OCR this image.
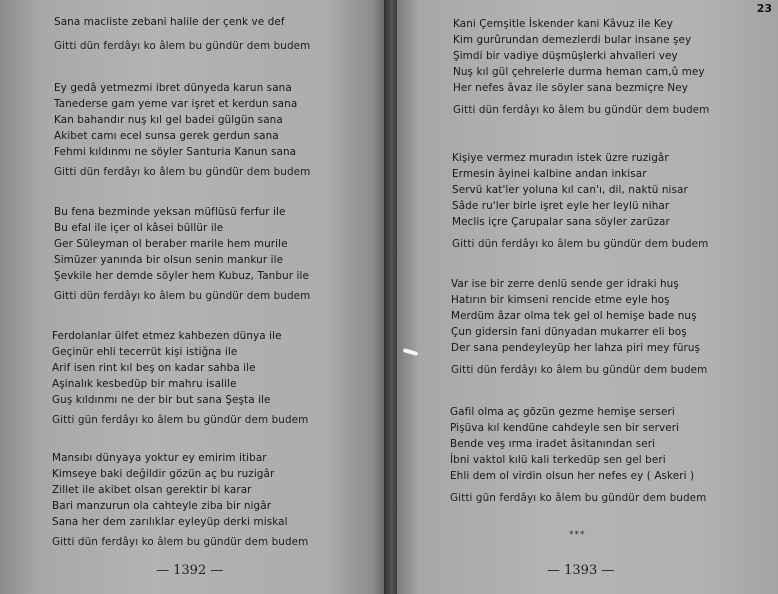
Sana macliste zebani halile der çenk ve def
Gitti dün ferdâyı ko âlem bu gündür dem budem
Ey gedâ yetmezmi ibret dünyeda karun sana
Tanederse gam yeme var işret et kerdun sana
Kan bahandır nuş kıl gel badei gülgün sana
Akibet camı ecel sunsa gerek gerdun sana
Fehmi kıldınmı ne söyler Santuria Kanun sana
Gitti dün ferdâyı ko âlem bu gündür dem budem
Bu fena bezminde yeksan müflüsü ferfur ile
Bu efal ile içer ol kâsei büllür ile
Ger Süleyman ol beraber marile hem murile
Simüzer yanında bir olsun senin mankur ile
Şevkile her demde söyler hem Kubuz, Tanbur ile
Gitti dün ferdâyı ko âlem bu gündür dem budem
Ferdolanlar ülfet etmez kahbezen dünya ile
Geçinür ehli tecerrüt kişi istiğna ile
Arif isen rint kıl beş on kadar sahba ile
Aşinalık kesbedüp bir mahru isalile
Guş kıldınmı ne der bir but sana Şeşta ile
Gitti gün ferdâyı ko âlem bu gündür dem budem
Mansıbı dünyaya yoktur ey emirim itibar
Kimseye baki değildir gözün aç bu ruzigâr
Zillet ile akibet olsan gerektir bi karar
Bari manzurun ola cahteyle ziba bir nigâr
Sana her dem zarılıklar eyleyüp derki miskal
Gitti dün ferdâyı ko âlem bu gündür dem budem
— 1392 —
23
Kani Çemşitle İskender kani Kâvuz ile Key
Kim gurûrundan demezlerdi bular insane şey
Şimdi bir vadiye düşmüşlerki ahvalleri vey
Nuş kıl gül çehrelerle durma heman cam,û mey
Her nefes âvaz ile söyler sana bezmiçre Ney
Gitti dün ferdâyı ko âlem bu gündür dem budem
Kişiye vermez muradın istek üzre ruzigâr
Ermesin âyinei kalbine andan inkisar
Servü kat'ler yoluna kıl can'ı, dil, naktü nisar
Sâde ru'ler birle işret eyle her leylü nihar
Meclis içre Çarupalar sana söyler zarüzar
Gitti dün ferdâyı ko âlem bu gündür dem budem
Var ise bir zerre denlü sende ger idraki huş
Hatırın bir kimseni rencide etme eyle hoş
Merdüm âzar olma tek gel ol hemişe bade nuş
Çun gidersin fani dünyadan mukarrer eli boş
Der sana pendeyleyüp her lahza piri mey füruş
Gitti dün ferdâyı ko âlem bu gündür dem budem
Gafil olma aç gözün gezme hemişe serseri
Pişüva kıl kendüne cahdeyle sen bir serveri
Bende veş ırma iradet âsitanından seri
İbni vaktol kılü kali terkedüp sen gel beri
Ehli dem ol virdin olsun her nefes ey ( Askeri )
Gitti gün ferdâyı ko âlem bu gündür dem budem
⁎⁎⁎
— 1393 —
